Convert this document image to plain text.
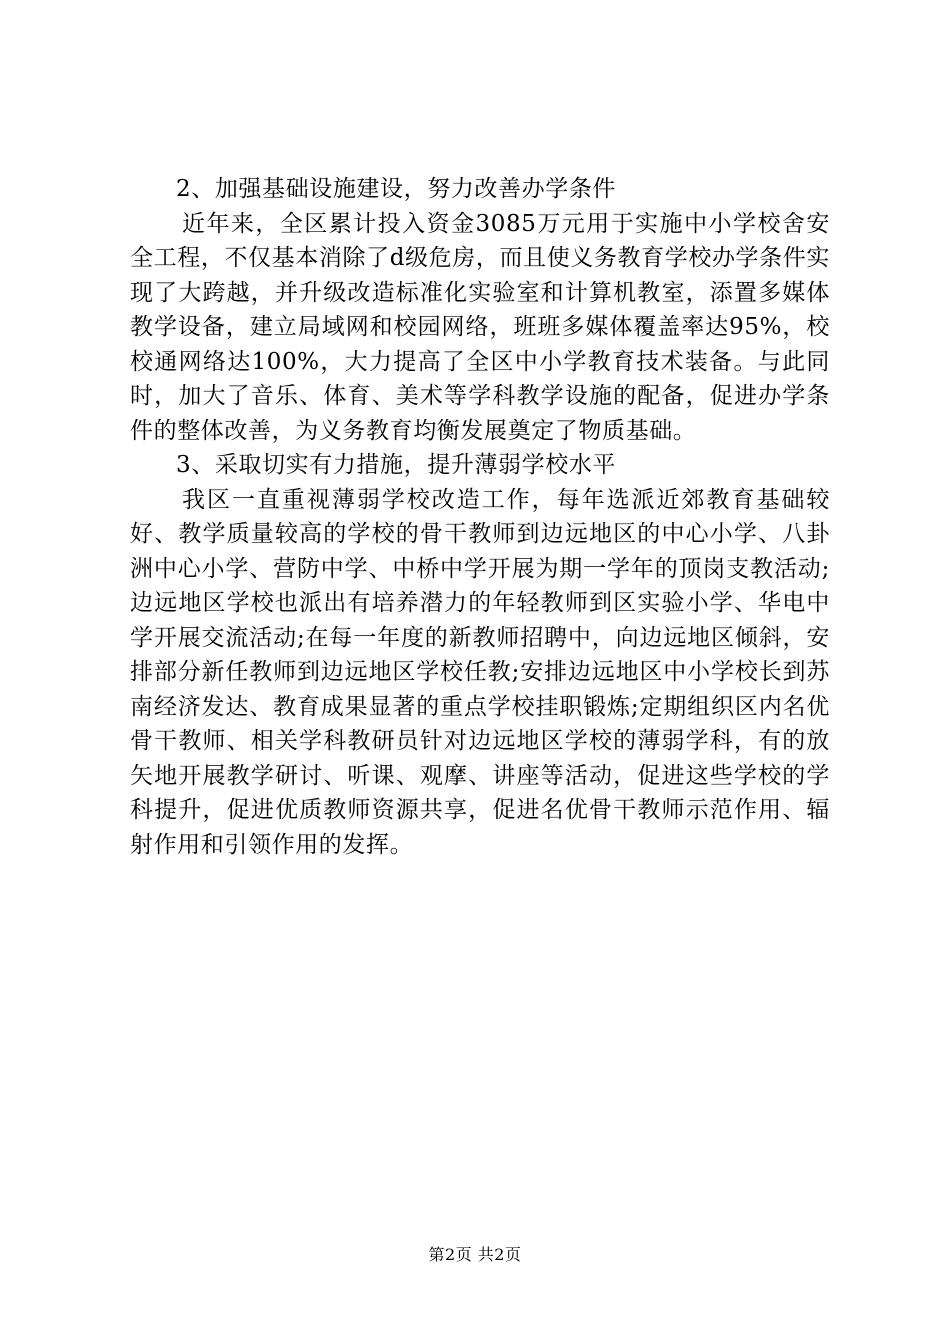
2、加强基础设施建设，努力改善办学条件

近年来，全区累计投入资金3085万元用于实施中小学校舍安全工程，不仅基本消除了d级危房，而且使义务教育学校办学条件实现了大跨越，并升级改造标准化实验室和计算机教室，添置多媒体教学设备，建立局域网和校园网络，班班多媒体覆盖率达95%，校校通网络达100%，大力提高了全区中小学教育技术装备。与此同时，加大了音乐、体育、美术等学科教学设施的配备，促进办学条件的整体改善，为义务教育均衡发展奠定了物质基础。

3、采取切实有力措施，提升薄弱学校水平

我区一直重视薄弱学校改造工作，每年选派近郊教育基础较好、教学质量较高的学校的骨干教师到边远地区的中心小学、八卦洲中心小学、营防中学、中桥中学开展为期一学年的顶岗支教活动;边远地区学校也派出有培养潜力的年轻教师到区实验小学、华电中学开展交流活动;在每一年度的新教师招聘中，向边远地区倾斜，安排部分新任教师到边远地区学校任教;安排边远地区中小学校长到苏南经济发达、教育成果显著的重点学校挂职锻炼;定期组织区内名优骨干教师、相关学科教研员针对边远地区学校的薄弱学科，有的放矢地开展教学研讨、听课、观摩、讲座等活动，促进这些学校的学科提升，促进优质教师资源共享，促进名优骨干教师示范作用、辐射作用和引领作用的发挥。

第2页 共2页
